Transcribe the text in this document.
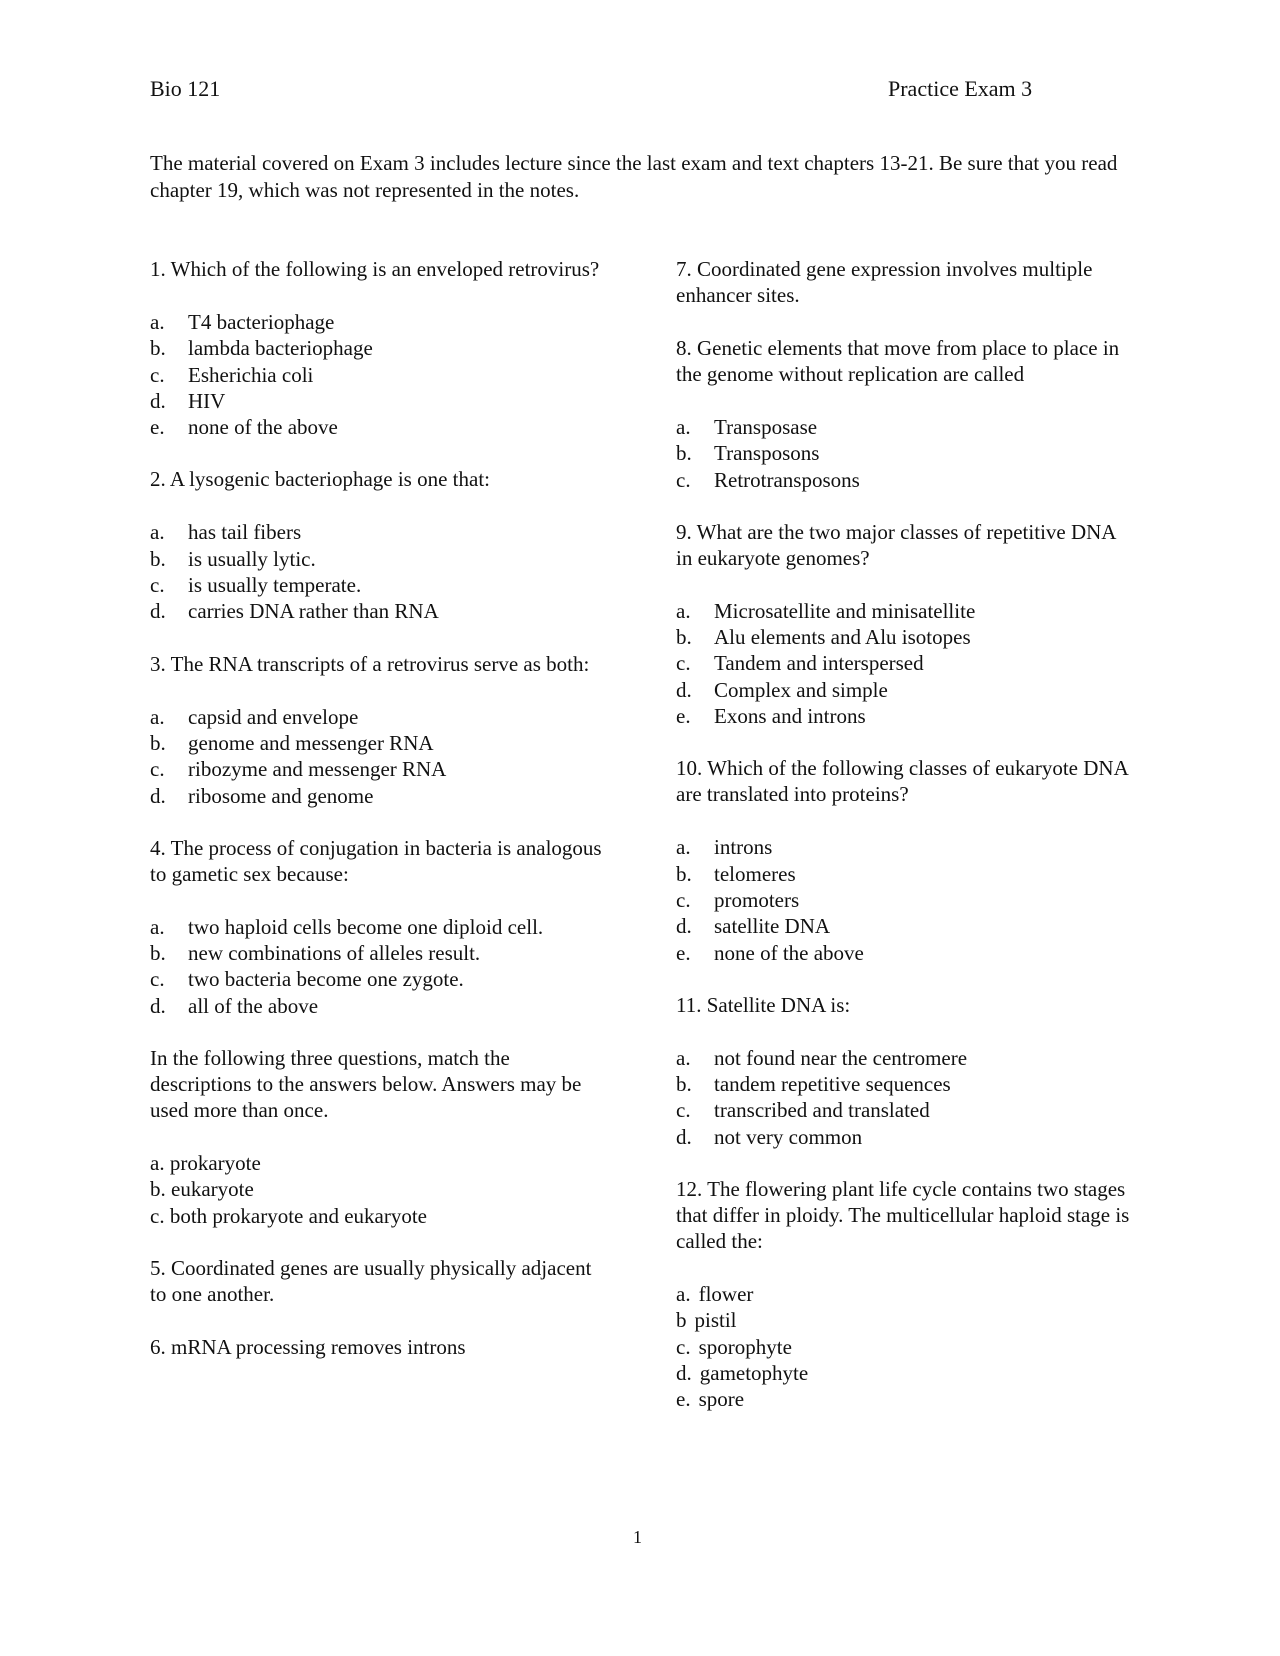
Bio 121	Practice Exam 3
The material covered on Exam 3 includes lecture since the last exam and text chapters 13-21. Be sure that you read chapter 19, which was not represented in the notes.
1. Which of the following is an enveloped retrovirus?
a. T4 bacteriophage
b. lambda bacteriophage
c. Esherichia coli
d. HIV
e. none of the above
2. A lysogenic bacteriophage is one that:
a. has tail fibers
b. is usually lytic.
c. is usually temperate.
d. carries DNA rather than RNA
3. The RNA transcripts of a retrovirus serve as both:
a. capsid and envelope
b. genome and messenger RNA
c. ribozyme and messenger RNA
d. ribosome and genome
4. The process of conjugation in bacteria is analogous to gametic sex because:
a. two haploid cells become one diploid cell.
b. new combinations of alleles result.
c. two bacteria become one zygote.
d. all of the above
In the following three questions, match the descriptions to the answers below. Answers may be used more than once.
a. prokaryote
b. eukaryote
c. both prokaryote and eukaryote
5. Coordinated genes are usually physically adjacent to one another.
6. mRNA processing removes introns
7. Coordinated gene expression involves multiple enhancer sites.
8. Genetic elements that move from place to place in the genome without replication are called
a. Transposase
b. Transposons
c. Retrotransposons
9. What are the two major classes of repetitive DNA in eukaryote genomes?
a. Microsatellite and minisatellite
b. Alu elements and Alu isotopes
c. Tandem and interspersed
d. Complex and simple
e. Exons and introns
10. Which of the following classes of eukaryote DNA are translated into proteins?
a. introns
b. telomeres
c. promoters
d. satellite DNA
e. none of the above
11. Satellite DNA is:
a. not found near the centromere
b. tandem repetitive sequences
c. transcribed and translated
d. not very common
12. The flowering plant life cycle contains two stages that differ in ploidy. The multicellular haploid stage is called the:
a. flower
b pistil
c. sporophyte
d. gametophyte
e. spore
1
